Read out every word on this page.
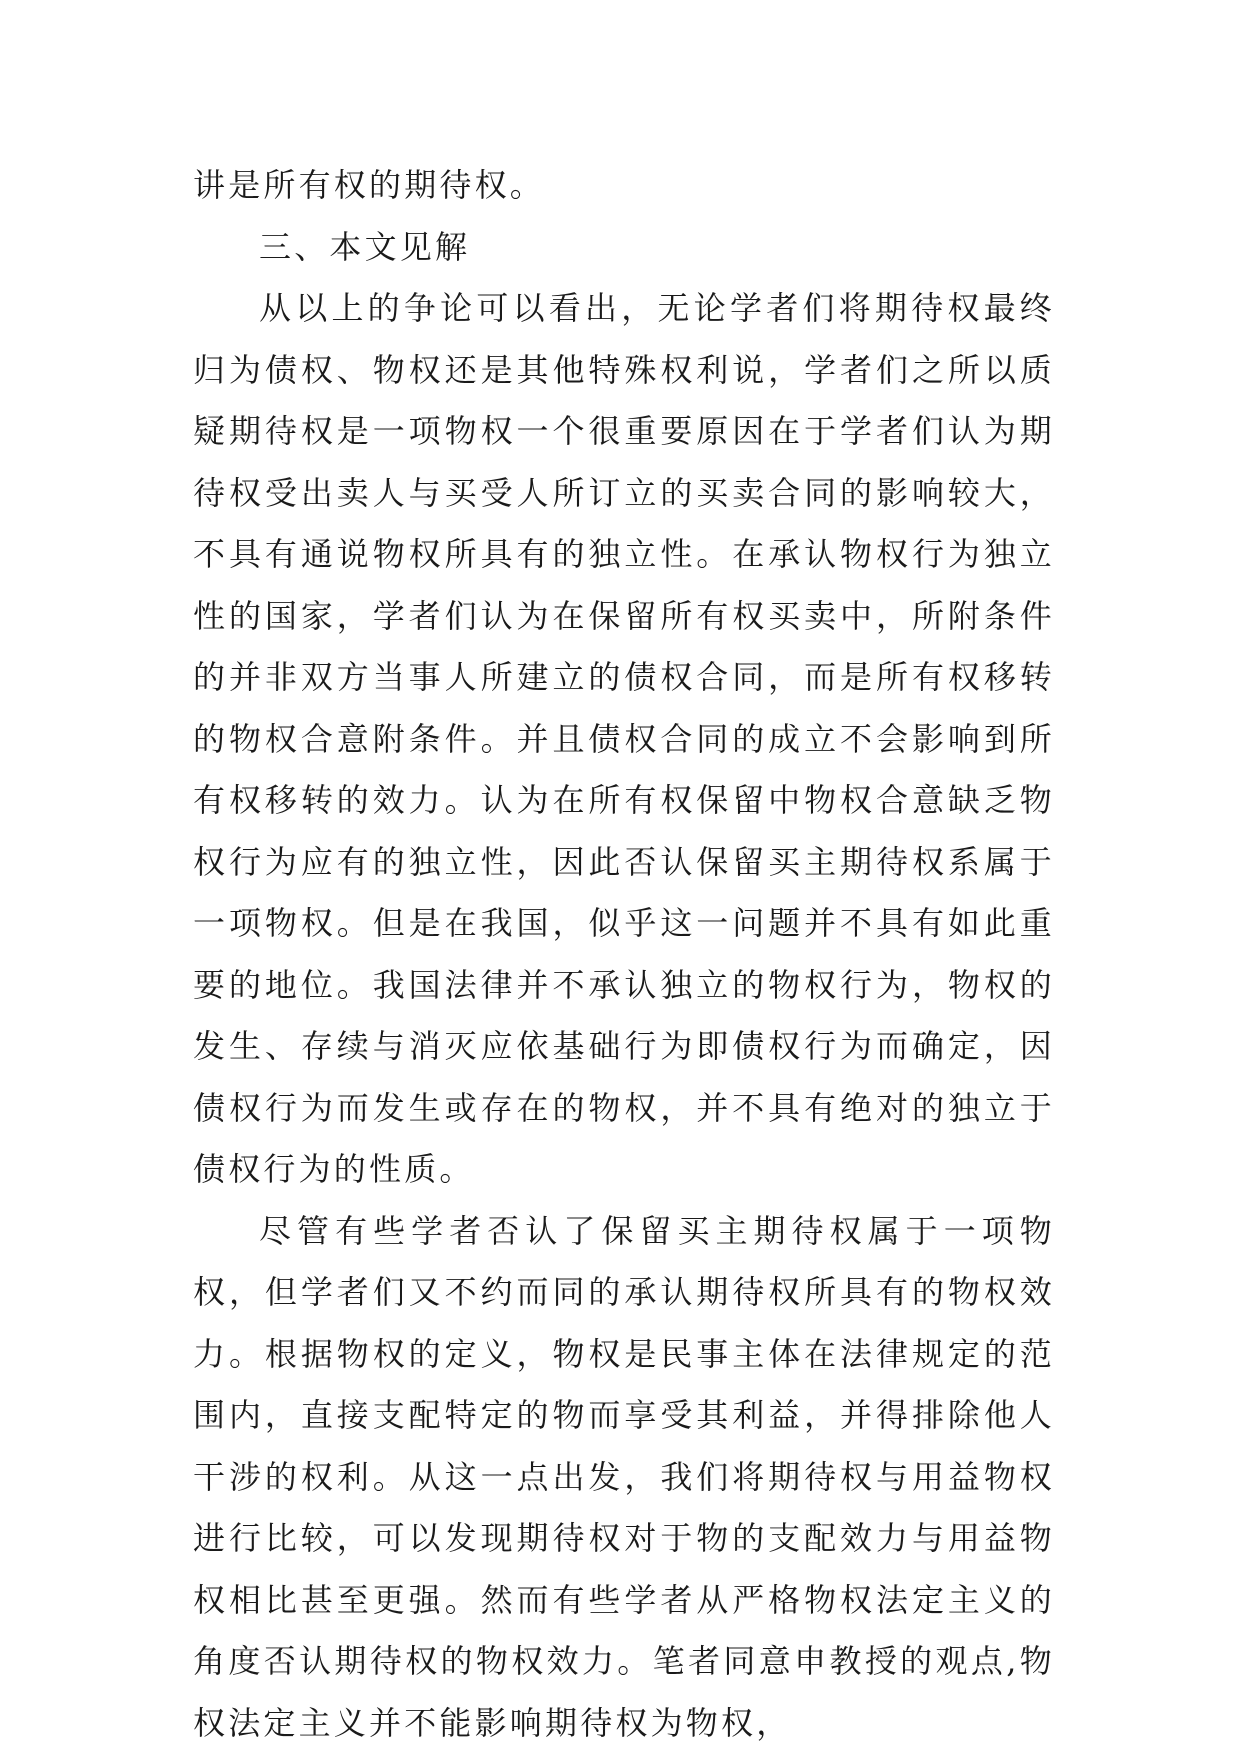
讲是所有权的期待权。

三、本文见解

从以上的争论可以看出，无论学者们将期待权最终归为债权、物权还是其他特殊权利说，学者们之所以质疑期待权是一项物权一个很重要原因在于学者们认为期待权受出卖人与买受人所订立的买卖合同的影响较大，不具有通说物权所具有的独立性。在承认物权行为独立性的国家，学者们认为在保留所有权买卖中，所附条件的并非双方当事人所建立的债权合同，而是所有权移转的物权合意附条件。并且债权合同的成立不会影响到所有权移转的效力。认为在所有权保留中物权合意缺乏物权行为应有的独立性，因此否认保留买主期待权系属于一项物权。但是在我国，似乎这一问题并不具有如此重要的地位。我国法律并不承认独立的物权行为，物权的发生、存续与消灭应依基础行为即债权行为而确定，因债权行为而发生或存在的物权，并不具有绝对的独立于债权行为的性质。

尽管有些学者否认了保留买主期待权属于一项物权，但学者们又不约而同的承认期待权所具有的物权效力。根据物权的定义，物权是民事主体在法律规定的范围内，直接支配特定的物而享受其利益，并得排除他人干涉的权利。从这一点出发，我们将期待权与用益物权进行比较，可以发现期待权对于物的支配效力与用益物权相比甚至更强。然而有些学者从严格物权法定主义的角度否认期待权的物权效力。笔者同意申教授的观点,物权法定主义并不能影响期待权为物权，
